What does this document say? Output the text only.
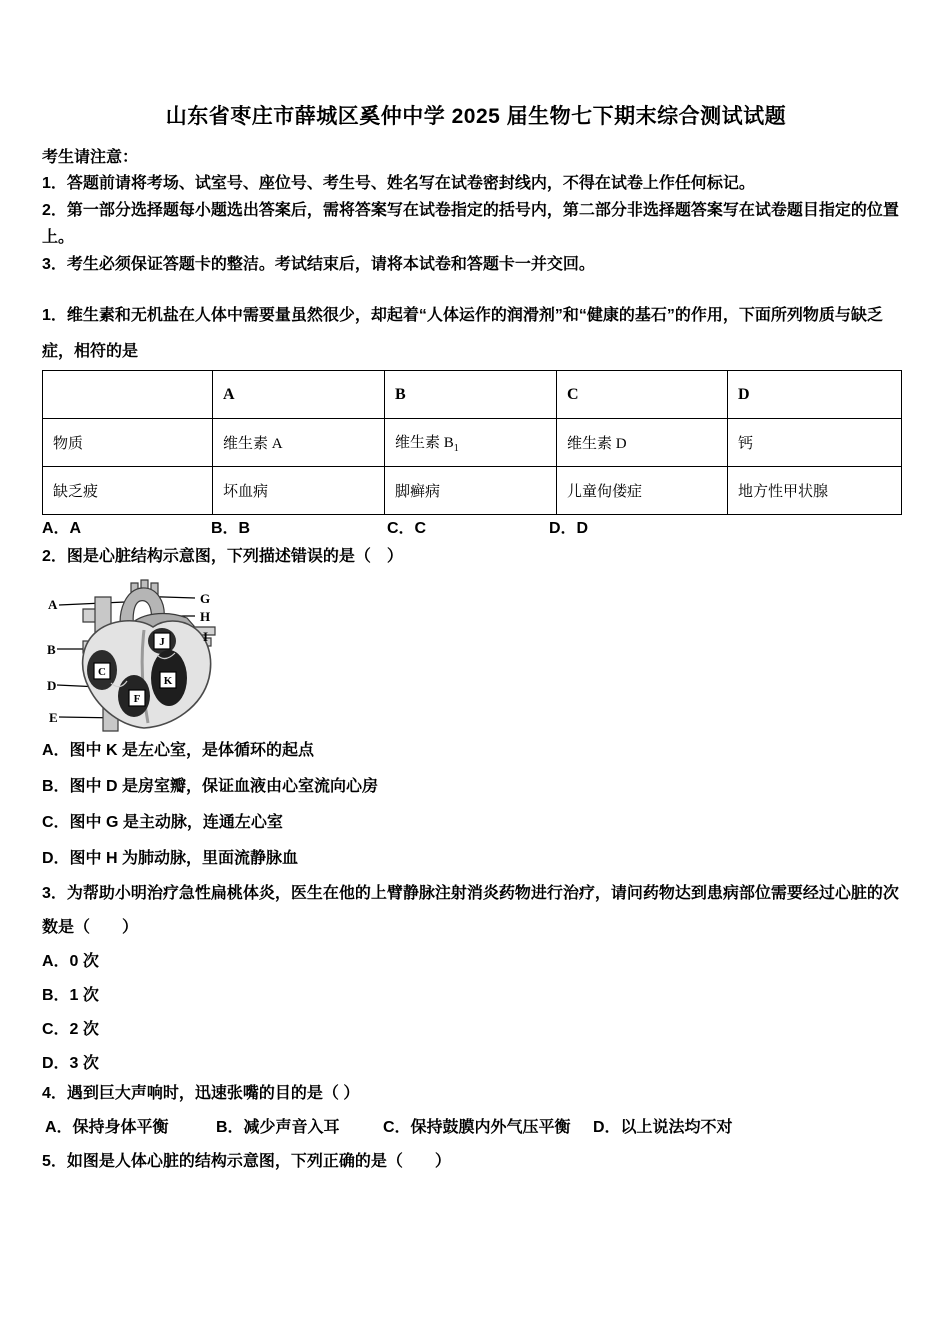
山东省枣庄市薛城区奚仲中学 2025 届生物七下期末综合测试试题
考生请注意：
1．答题前请将考场、试室号、座位号、考生号、姓名写在试卷密封线内，不得在试卷上作任何标记。
2．第一部分选择题每小题选出答案后，需将答案写在试卷指定的括号内，第二部分非选择题答案写在试卷题目指定的位置上。
3．考生必须保证答题卡的整洁。考试结束后，请将本试卷和答题卡一并交回。
1．维生素和无机盐在人体中需要量虽然很少，却起着“人体运作的润滑剂”和“健康的基石”的作用，下面所列物质与缺乏症，相符的是
	A	B	C	D
物质	维生素 A	维生素 $B_1$	维生素 D	钙
缺乏疲	坏血病	脚癣病	儿童佝偻症	地方性甲状腺
A．A	B．B	C．C	D．D
2．图是心脏结构示意图，下列描述错误的是（　）
C
F
J
K
A
B
D
E
G
H
I
A．图中 K 是左心室，是体循环的起点
B．图中 D 是房室瓣，保证血液由心室流向心房
C．图中 G 是主动脉，连通左心室
D．图中 H 为肺动脉，里面流静脉血
3．为帮助小明治疗急性扁桃体炎，医生在他的上臂静脉注射消炎药物进行治疗，请问药物达到患病部位需要经过心脏的次数是（　　）
A．0 次
B．1 次
C．2 次
D．3 次
4．遇到巨大声响时，迅速张嘴的目的是（ ）
A．保持身体平衡	B．减少声音入耳	C．保持鼓膜内外气压平衡	D．以上说法均不对
5．如图是人体心脏的结构示意图，下列正确的是（　　）
